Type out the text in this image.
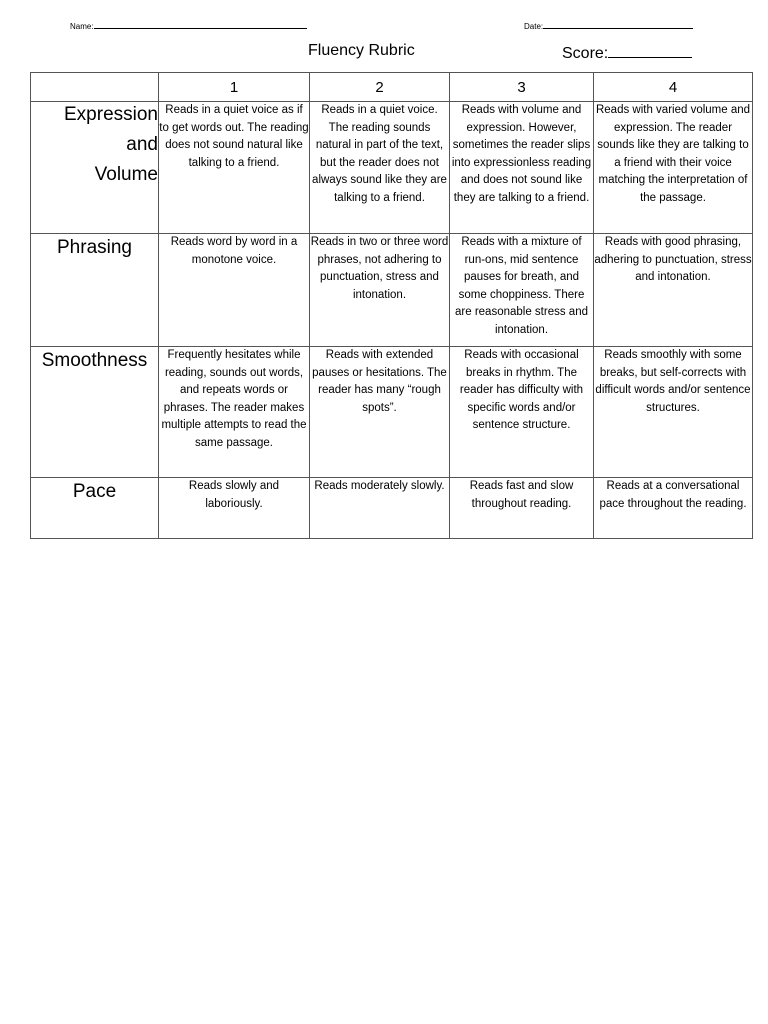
Name:	Date:
Fluency Rubric	Score:
	1	2	3	4

Expression
and
Volume	Reads in a quiet voice as if to get words out. The reading does not sound natural like talking to a friend.	Reads in a quiet voice. The reading sounds natural in part of the text, but the reader does not always sound like they are talking to a friend.	Reads with volume and expression. However, sometimes the reader slips into expressionless reading and does not sound like they are talking to a friend.	Reads with varied volume and expression. The reader sounds like they are talking to a friend with their voice matching the interpretation of the passage.
Phrasing	Reads word by word in a monotone voice.	Reads in two or three word phrases, not adhering to punctuation, stress and intonation.	Reads with a mixture of run-ons, mid sentence pauses for breath, and some choppiness. There are reasonable stress and intonation.	Reads with good phrasing, adhering to punctuation, stress and intonation.
Smoothness	Frequently hesitates while reading, sounds out words, and repeats words or phrases. The reader makes multiple attempts to read the same passage.	Reads with extended pauses or hesitations. The reader has many “rough spots”.	Reads with occasional breaks in rhythm. The reader has difficulty with specific words and/or sentence structure.	Reads smoothly with some breaks, but self-corrects with difficult words and/or sentence structures.
Pace	Reads slowly and laboriously.	Reads moderately slowly.	Reads fast and slow throughout reading.	Reads at a conversational pace throughout the reading.
